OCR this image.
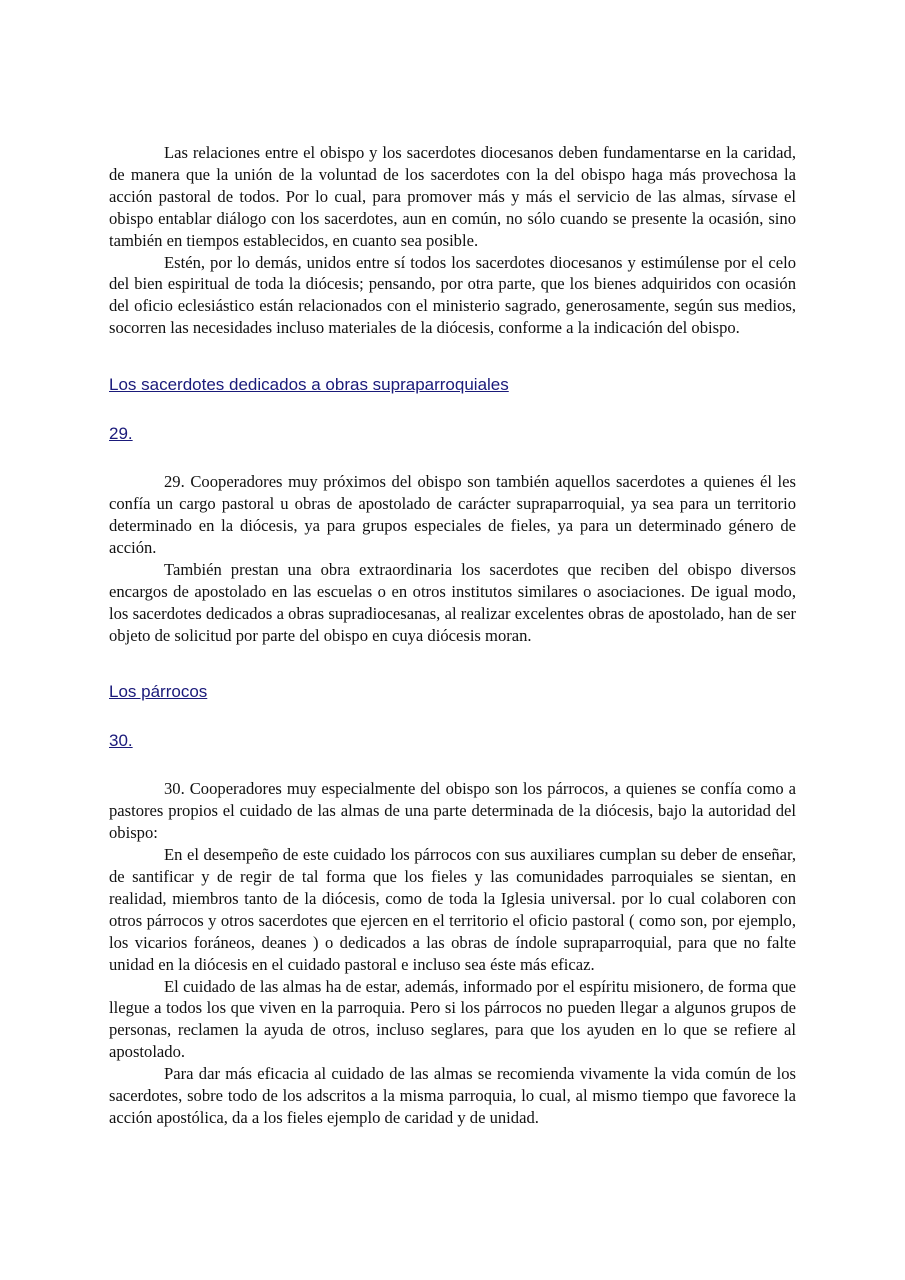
Las relaciones entre el obispo y los sacerdotes diocesanos deben fundamentarse en la caridad, de manera que la unión de la voluntad de los sacerdotes con la del obispo haga más provechosa la acción pastoral de todos. Por lo cual, para promover más y más el servicio de las almas, sírvase el obispo entablar diálogo con los sacerdotes, aun en común, no sólo cuando se presente la ocasión, sino también en tiempos establecidos, en cuanto sea posible.

Estén, por lo demás, unidos entre sí todos los sacerdotes diocesanos y estimúlense por el celo del bien espiritual de toda la diócesis; pensando, por otra parte, que los bienes adquiridos con ocasión del oficio eclesiástico están relacionados con el ministerio sagrado, generosamente, según sus medios, socorren las necesidades incluso materiales de la diócesis, conforme a la indicación del obispo.

Los sacerdotes dedicados a obras supraparroquiales
29.

29. Cooperadores muy próximos del obispo son también aquellos sacerdotes a quienes él les confía un cargo pastoral u obras de apostolado de carácter supraparroquial, ya sea para un territorio determinado en la diócesis, ya para grupos especiales de fieles, ya para un determinado género de acción.

También prestan una obra extraordinaria los sacerdotes que reciben del obispo diversos encargos de apostolado en las escuelas o en otros institutos similares o asociaciones. De igual modo, los sacerdotes dedicados a obras supradiocesanas, al realizar excelentes obras de apostolado, han de ser objeto de solicitud por parte del obispo en cuya diócesis moran.

Los párrocos
30.

30. Cooperadores muy especialmente del obispo son los párrocos, a quienes se confía como a pastores propios el cuidado de las almas de una parte determinada de la diócesis, bajo la autoridad del obispo:

En el desempeño de este cuidado los párrocos con sus auxiliares cumplan su deber de enseñar, de santificar y de regir de tal forma que los fieles y las comunidades parroquiales se sientan, en realidad, miembros tanto de la diócesis, como de toda la Iglesia universal. por lo cual colaboren con otros párrocos y otros sacerdotes que ejercen en el territorio el oficio pastoral ( como son, por ejemplo, los vicarios foráneos, deanes ) o dedicados a las obras de índole supraparroquial, para que no falte unidad en la diócesis en el cuidado pastoral e incluso sea éste más eficaz.

El cuidado de las almas ha de estar, además, informado por el espíritu misionero, de forma que llegue a todos los que viven en la parroquia. Pero si los párrocos no pueden llegar a algunos grupos de personas, reclamen la ayuda de otros, incluso seglares, para que los ayuden en lo que se refiere al apostolado.

Para dar más eficacia al cuidado de las almas se recomienda vivamente la vida común de los sacerdotes, sobre todo de los adscritos a la misma parroquia, lo cual, al mismo tiempo que favorece la acción apostólica, da a los fieles ejemplo de caridad y de unidad.
